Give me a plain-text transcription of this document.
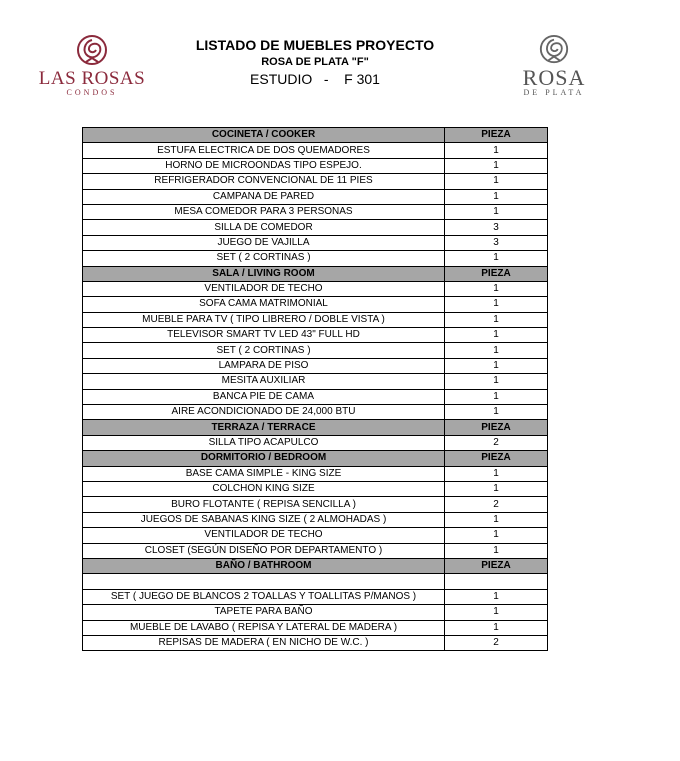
LAS ROSAS
CONDOS
LISTADO DE MUEBLES PROYECTO
ROSA DE PLATA "F"
ESTUDIO   -    F 301	ROSA
DE PLATA
COCINETA / COOKER	PIEZA
ESTUFA ELECTRICA DE DOS QUEMADORES	1
HORNO DE MICROONDAS TIPO ESPEJO.	1
REFRIGERADOR CONVENCIONAL DE 11 PIES	1
CAMPANA DE PARED	1
MESA COMEDOR PARA 3 PERSONAS	1
SILLA DE COMEDOR	3
JUEGO DE VAJILLA	3
SET ( 2 CORTINAS )	1
SALA / LIVING ROOM	PIEZA
VENTILADOR DE TECHO	1
SOFA CAMA MATRIMONIAL	1
MUEBLE PARA TV ( TIPO LIBRERO / DOBLE VISTA )	1
TELEVISOR SMART TV LED 43" FULL HD	1
SET ( 2 CORTINAS )	1
LAMPARA DE PISO	1
MESITA AUXILIAR	1
BANCA PIE DE CAMA	1
AIRE ACONDICIONADO DE 24,000 BTU	1
TERRAZA / TERRACE	PIEZA
SILLA TIPO ACAPULCO	2
DORMITORIO / BEDROOM	PIEZA
BASE CAMA SIMPLE - KING SIZE	1
COLCHON KING SIZE	1
BURO FLOTANTE ( REPISA SENCILLA )	2
JUEGOS DE SABANAS KING SIZE ( 2 ALMOHADAS )	1
VENTILADOR DE TECHO	1
CLOSET (SEGÚN DISEÑO POR DEPARTAMENTO )	1
BAÑO / BATHROOM	PIEZA

SET ( JUEGO DE BLANCOS 2 TOALLAS Y TOALLITAS P/MANOS )	1
TAPETE PARA BAÑO	1
MUEBLE DE LAVABO ( REPISA Y LATERAL DE MADERA )	1
REPISAS DE MADERA ( EN NICHO DE W.C. )	2
